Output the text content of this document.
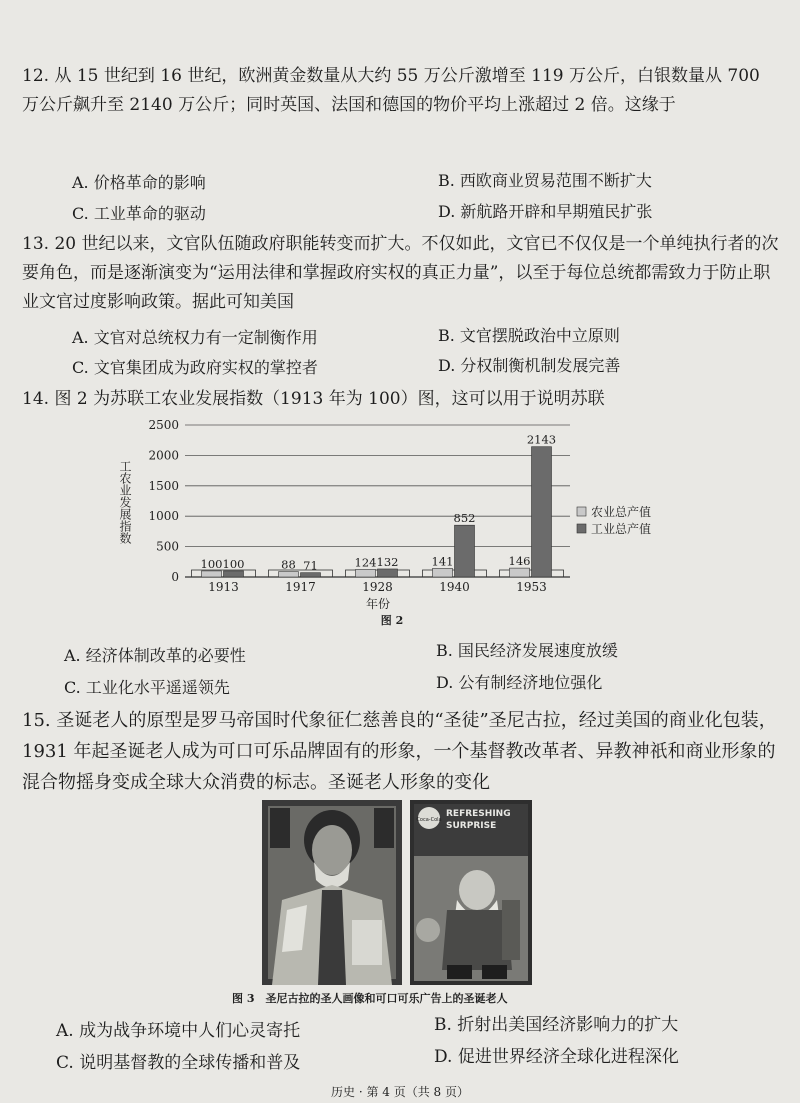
12. 从 15 世纪到 16 世纪，欧洲黄金数量从大约 55 万公斤激增至 119 万公斤，白银数量从 700 万公斤飙升至 2140 万公斤；同时英国、法国和德国的物价平均上涨超过 2 倍。这缘于
A. 价格革命的影响	B. 西欧商业贸易范围不断扩大
C. 工业革命的驱动	D. 新航路开辟和早期殖民扩张
13. 20 世纪以来，文官队伍随政府职能转变而扩大。不仅如此，文官已不仅仅是一个单纯执行者的次要角色，而是逐渐演变为“运用法律和掌握政府实权的真正力量”，以至于每位总统都需致力于防止职业文官过度影响政策。据此可知美国
A. 文官对总统权力有一定制衡作用	B. 文官摆脱政治中立原则
C. 文官集团成为政府实权的掌控者	D. 分权制衡机制发展完善
14. 图 2 为苏联工农业发展指数（1913 年为 100）图，这可以用于说明苏联
0
500
1000
1500
2000
2500
100 100	88 71	124 132	141
852
146
2143
1913	1917	1928	1940	1953
工农业发展指数
年份
图 2
农业总产值
工业总产值
A. 经济体制改革的必要性	B. 国民经济发展速度放缓
C. 工业化水平遥遥领先	D. 公有制经济地位强化
15. 圣诞老人的原型是罗马帝国时代象征仁慈善良的“圣徒”圣尼古拉，经过美国的商业化包装，1931 年起圣诞老人成为可口可乐品牌固有的形象，一个基督教改革者、异教神祇和商业形象的混合物摇身变成全球大众消费的标志。圣诞老人形象的变化
Coca-Cola
REFRESHING SURPRISE
图 3　圣尼古拉的圣人画像和可口可乐广告上的圣诞老人
A. 成为战争环境中人们心灵寄托	B. 折射出美国经济影响力的扩大
C. 说明基督教的全球传播和普及	D. 促进世界经济全球化进程深化
历史 · 第 4 页（共 8 页）
